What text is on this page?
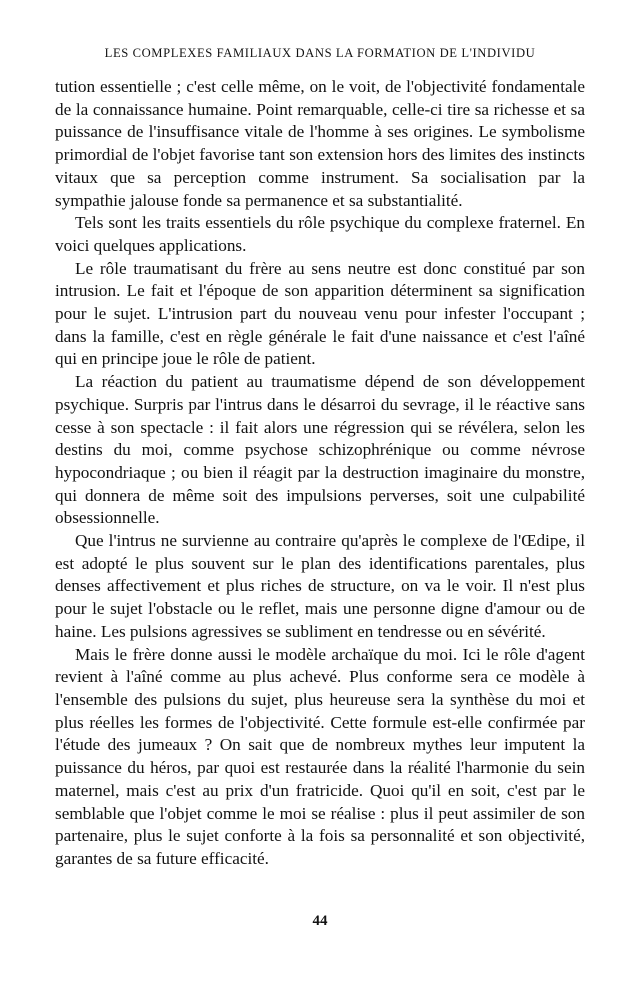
LES COMPLEXES FAMILIAUX DANS LA FORMATION DE L'INDIVIDU

tution essentielle ; c'est celle même, on le voit, de l'objectivité fondamentale de la connaissance humaine. Point remarquable, celle-ci tire sa richesse et sa puissance de l'insuffisance vitale de l'homme à ses origines. Le symbolisme primordial de l'objet favorise tant son extension hors des limites des instincts vitaux que sa perception comme instrument. Sa socialisation par la sympathie jalouse fonde sa permanence et sa substantialité.

Tels sont les traits essentiels du rôle psychique du complexe fraternel. En voici quelques applications.

Le rôle traumatisant du frère au sens neutre est donc constitué par son intrusion. Le fait et l'époque de son apparition déterminent sa signification pour le sujet. L'intrusion part du nouveau venu pour infester l'occupant ; dans la famille, c'est en règle générale le fait d'une naissance et c'est l'aîné qui en principe joue le rôle de patient.

La réaction du patient au traumatisme dépend de son développement psychique. Surpris par l'intrus dans le désarroi du sevrage, il le réactive sans cesse à son spectacle : il fait alors une régression qui se révélera, selon les destins du moi, comme psychose schizophrénique ou comme névrose hypocondriaque ; ou bien il réagit par la destruction imaginaire du monstre, qui donnera de même soit des impulsions perverses, soit une culpabilité obsessionnelle.

Que l'intrus ne survienne au contraire qu'après le complexe de l'Œdipe, il est adopté le plus souvent sur le plan des identifications parentales, plus denses affectivement et plus riches de structure, on va le voir. Il n'est plus pour le sujet l'obstacle ou le reflet, mais une personne digne d'amour ou de haine. Les pulsions agressives se subliment en tendresse ou en sévérité.

Mais le frère donne aussi le modèle archaïque du moi. Ici le rôle d'agent revient à l'aîné comme au plus achevé. Plus conforme sera ce modèle à l'ensemble des pulsions du sujet, plus heureuse sera la synthèse du moi et plus réelles les formes de l'objectivité. Cette formule est-elle confirmée par l'étude des jumeaux ? On sait que de nombreux mythes leur imputent la puissance du héros, par quoi est restaurée dans la réalité l'harmonie du sein maternel, mais c'est au prix d'un fratricide. Quoi qu'il en soit, c'est par le semblable que l'objet comme le moi se réalise : plus il peut assimiler de son partenaire, plus le sujet conforte à la fois sa personnalité et son objectivité, garantes de sa future efficacité.

44
